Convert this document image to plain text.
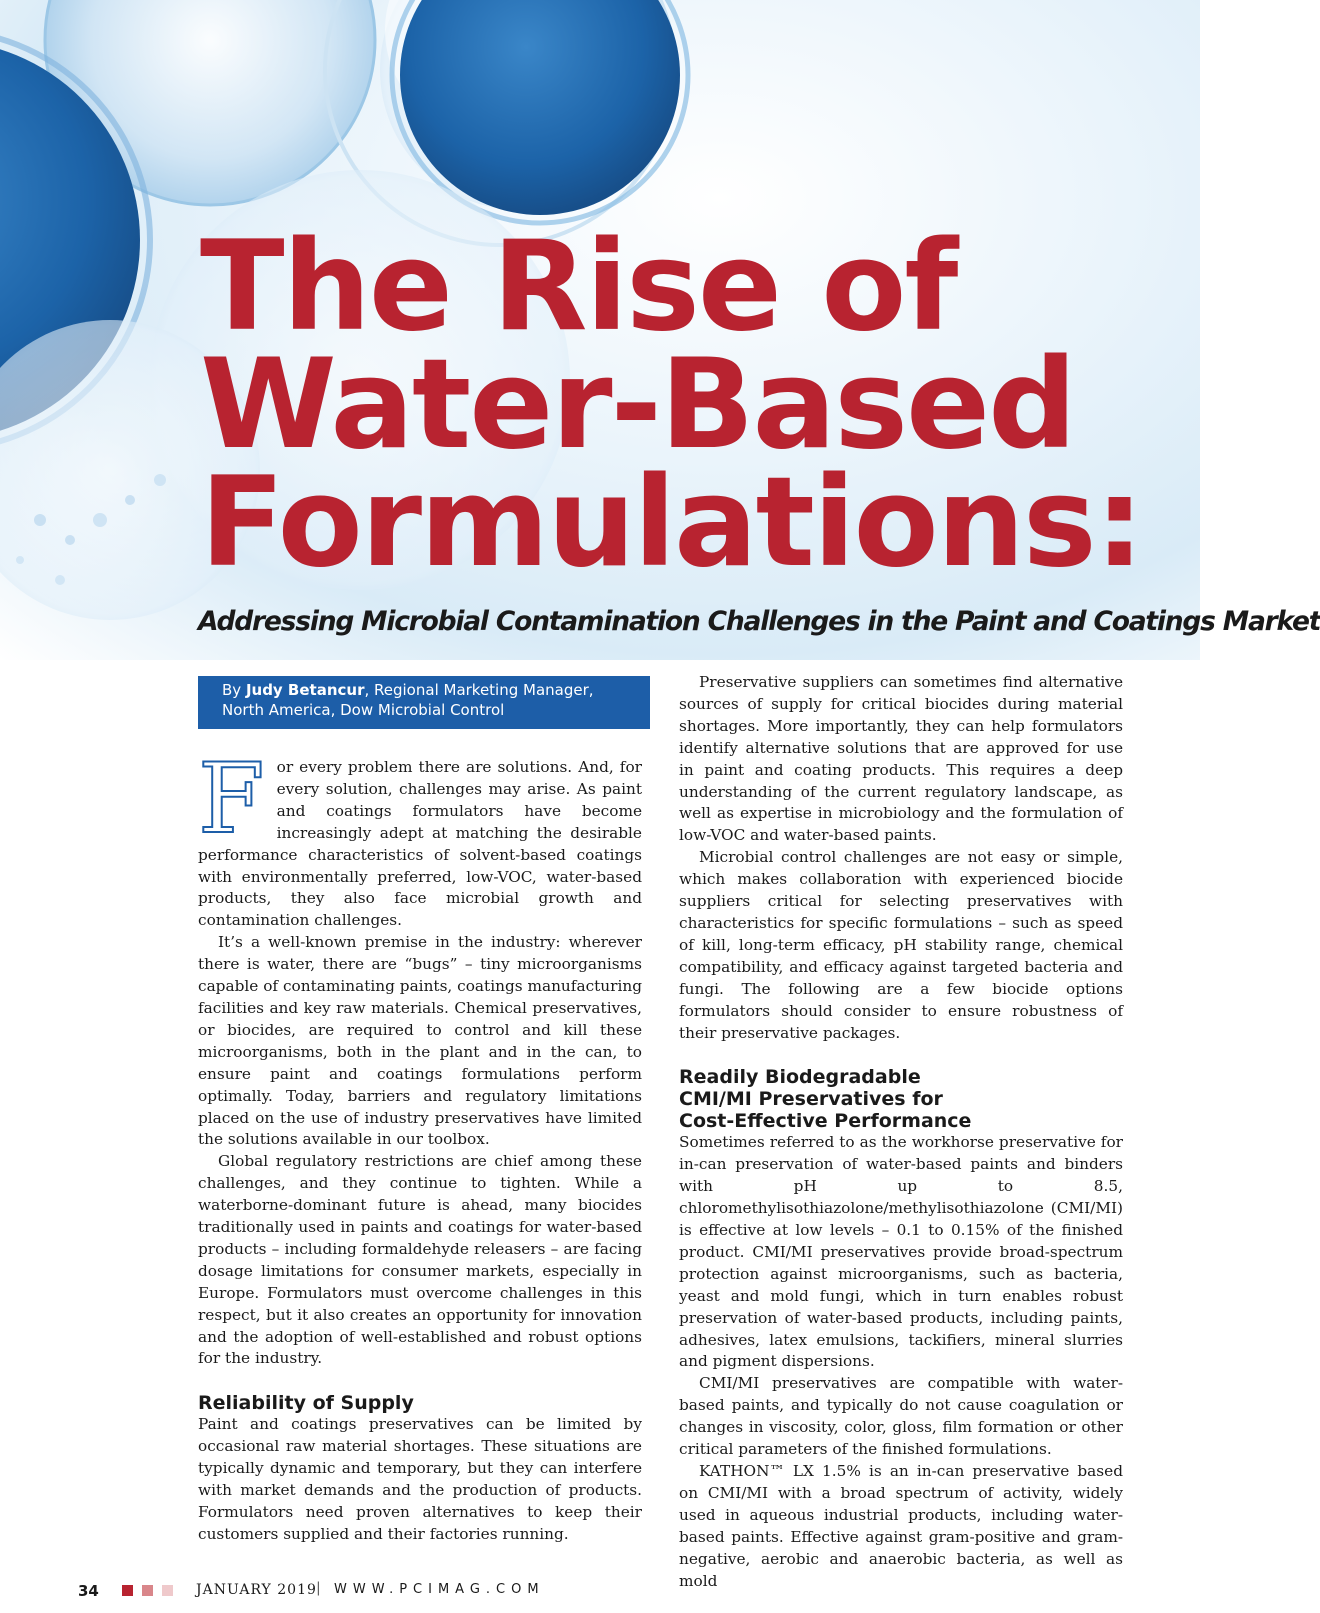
The Rise of
Water-Based
Formulations:
Addressing Microbial Contamination Challenges in the Paint and Coatings Market
By Judy Betancur, Regional Marketing Manager,
North America, Dow Microbial Control

For every problem there are solutions. And, for every solution, challenges may arise. As paint and coatings formulators have become increasingly adept at matching the desirable performance characteristics of solvent-based coatings with environmentally preferred, low-VOC, water-based products, they also face microbial growth and contamination challenges.

It’s a well-known premise in the industry: wherever there is water, there are “bugs” – tiny microorganisms capable of contaminating paints, coatings manufacturing facilities and key raw materials. Chemical preservatives, or biocides, are required to control and kill these microorganisms, both in the plant and in the can, to ensure paint and coatings formulations perform optimally. Today, barriers and regulatory limitations placed on the use of industry preservatives have limited the solutions available in our toolbox.

Global regulatory restrictions are chief among these challenges, and they continue to tighten. While a waterborne-dominant future is ahead, many biocides traditionally used in paints and coatings for water-based products – including formaldehyde releasers – are facing dosage limitations for consumer markets, especially in Europe. Formulators must overcome challenges in this respect, but it also creates an opportunity for innovation and the adoption of well-established and robust options for the industry.

Reliability of Supply

Paint and coatings preservatives can be limited by occasional raw material shortages. These situations are typically dynamic and temporary, but they can interfere with market demands and the production of products. Formulators need proven alternatives to keep their customers supplied and their factories running.

Preservative suppliers can sometimes find alternative sources of supply for critical biocides during material shortages. More importantly, they can help formulators identify alternative solutions that are approved for use in paint and coating products. This requires a deep understanding of the current regulatory landscape, as well as expertise in microbiology and the formulation of low-VOC and water-based paints.

Microbial control challenges are not easy or simple, which makes collaboration with experienced biocide suppliers critical for selecting preservatives with characteristics for specific formulations – such as speed of kill, long-term efficacy, pH stability range, chemical compatibility, and efficacy against targeted bacteria and fungi. The following are a few biocide options formulators should consider to ensure robustness of their preservative packages.

Readily Biodegradable
CMI/MI Preservatives for
Cost-Effective Performance

Sometimes referred to as the workhorse preservative for in-can preservation of water-based paints and binders with pH up to 8.5, chloromethylisothiazolone/methylisothiazolone (CMI/MI) is effective at low levels – 0.1 to 0.15% of the finished product. CMI/MI preservatives provide broad-spectrum protection against microorganisms, such as bacteria, yeast and mold fungi, which in turn enables robust preservation of water-based products, including paints, adhesives, latex emulsions, tackifiers, mineral slurries and pigment dispersions.

CMI/MI preservatives are compatible with water-based paints, and typically do not cause coagulation or changes in viscosity, color, gloss, film formation or other critical parameters of the finished formulations.

KATHON™ LX 1.5% is an in-can preservative based on CMI/MI with a broad spectrum of activity, widely used in aqueous industrial products, including water-based paints. Effective against gram-positive and gram-negative, aerobic and anaerobic bacteria, as well as mold

34	JANUARY 2019 | WWW.PCIMAG.COM
